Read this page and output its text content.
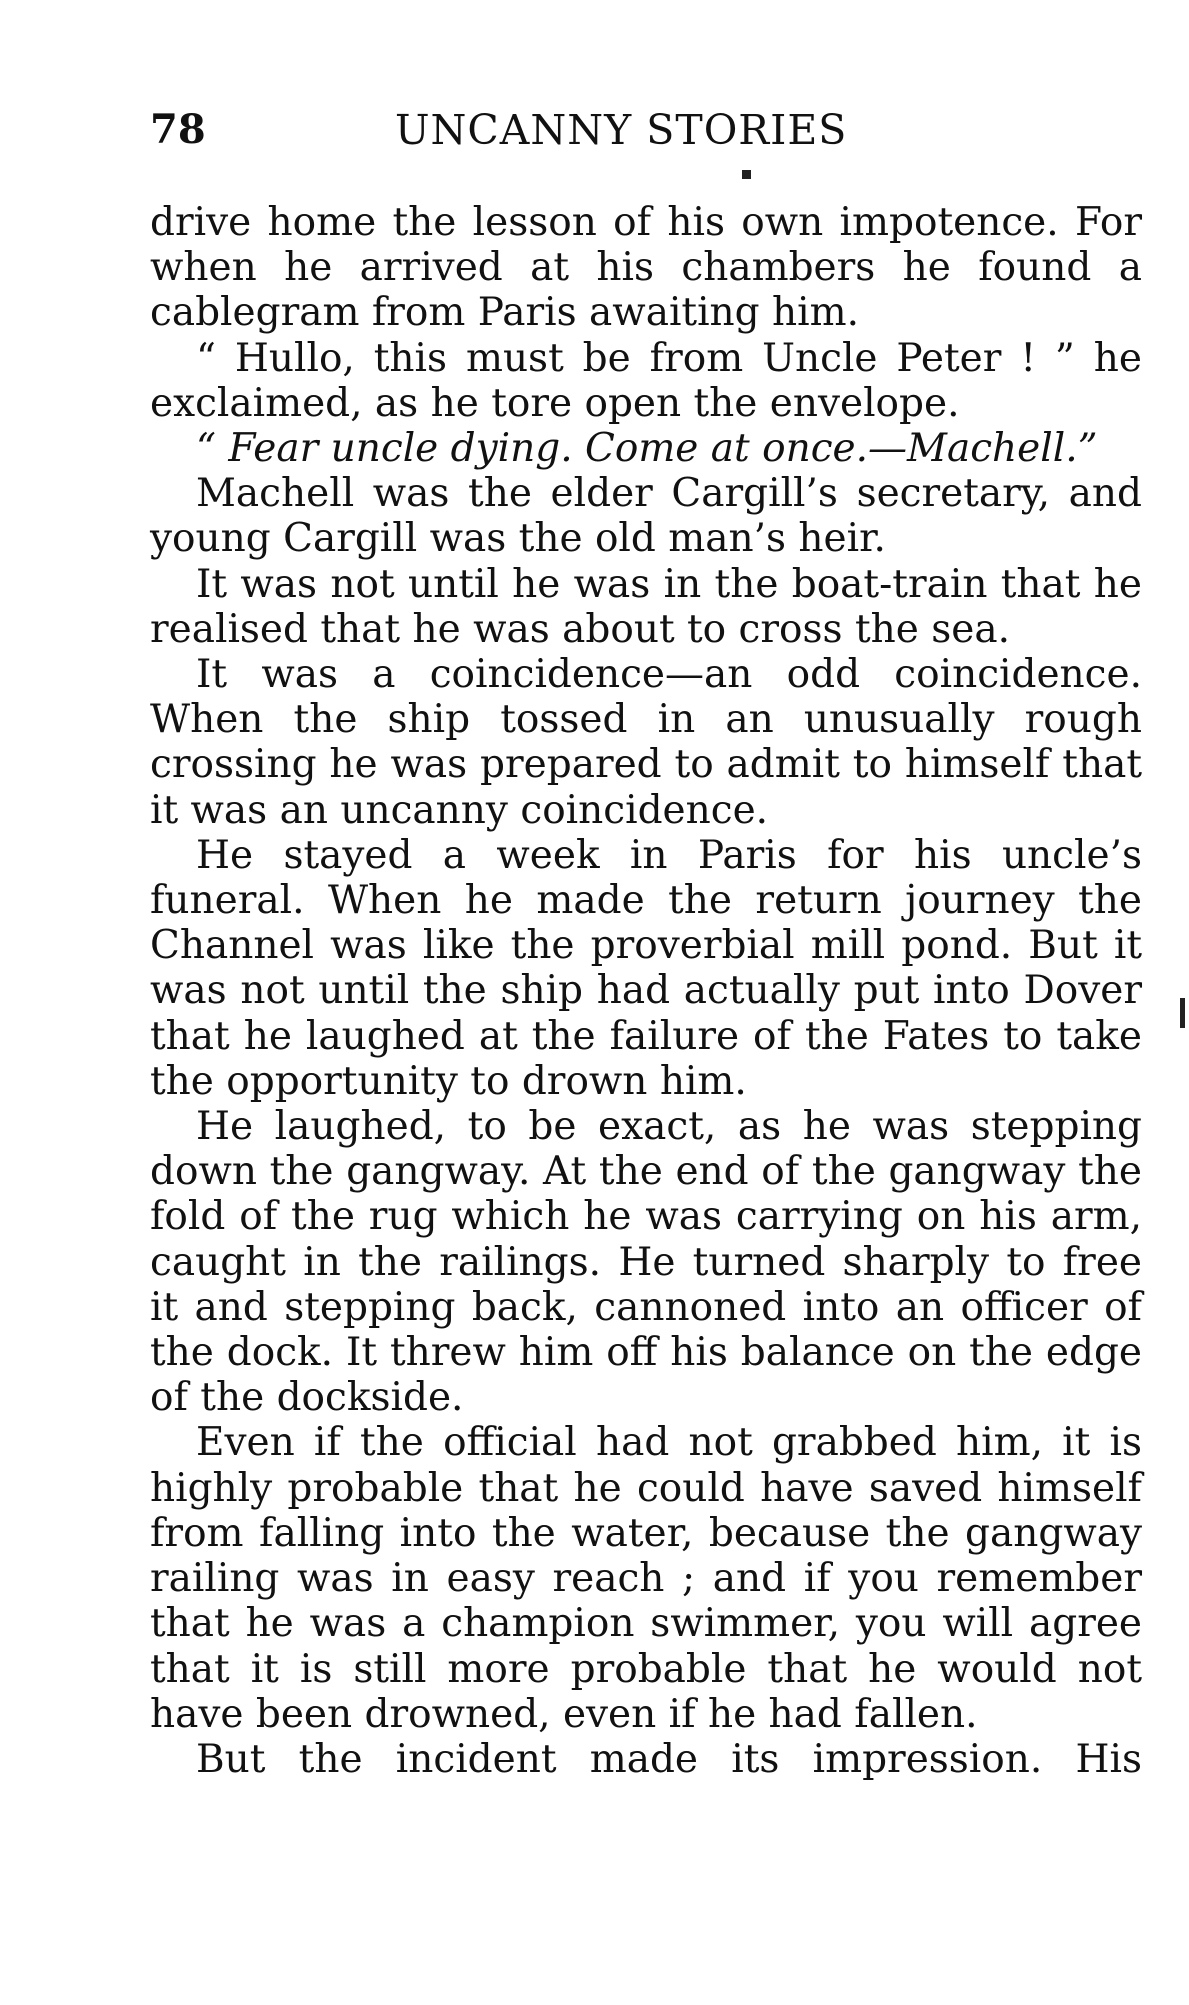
78	UNCANNY STORIES

drive home the lesson of his own impotence. For when he arrived at his chambers he found a cablegram from Paris awaiting him.

“ Hullo, this must be from Uncle Peter ! ” he exclaimed, as he tore open the envelope.

“ Fear uncle dying. Come at once.—Machell.”

Machell was the elder Cargill’s secretary, and young Cargill was the old man’s heir.

It was not until he was in the boat-train that he realised that he was about to cross the sea.

It was a coincidence—an odd coincidence. When the ship tossed in an unusually rough crossing he was prepared to admit to himself that it was an uncanny coincidence.

He stayed a week in Paris for his uncle’s funeral. When he made the return journey the Channel was like the proverbial mill pond. But it was not until the ship had actually put into Dover that he laughed at the failure of the Fates to take the opportunity to drown him.

He laughed, to be exact, as he was stepping down the gangway. At the end of the gangway the fold of the rug which he was carrying on his arm, caught in the railings. He turned sharply to free it and stepping back, cannoned into an officer of the dock. It threw him off his balance on the edge of the dockside.

Even if the official had not grabbed him, it is highly probable that he could have saved himself from falling into the water, because the gangway railing was in easy reach ; and if you remember that he was a champion swimmer, you will agree that it is still more probable that he would not have been drowned, even if he had fallen.

But the incident made its impression. His
